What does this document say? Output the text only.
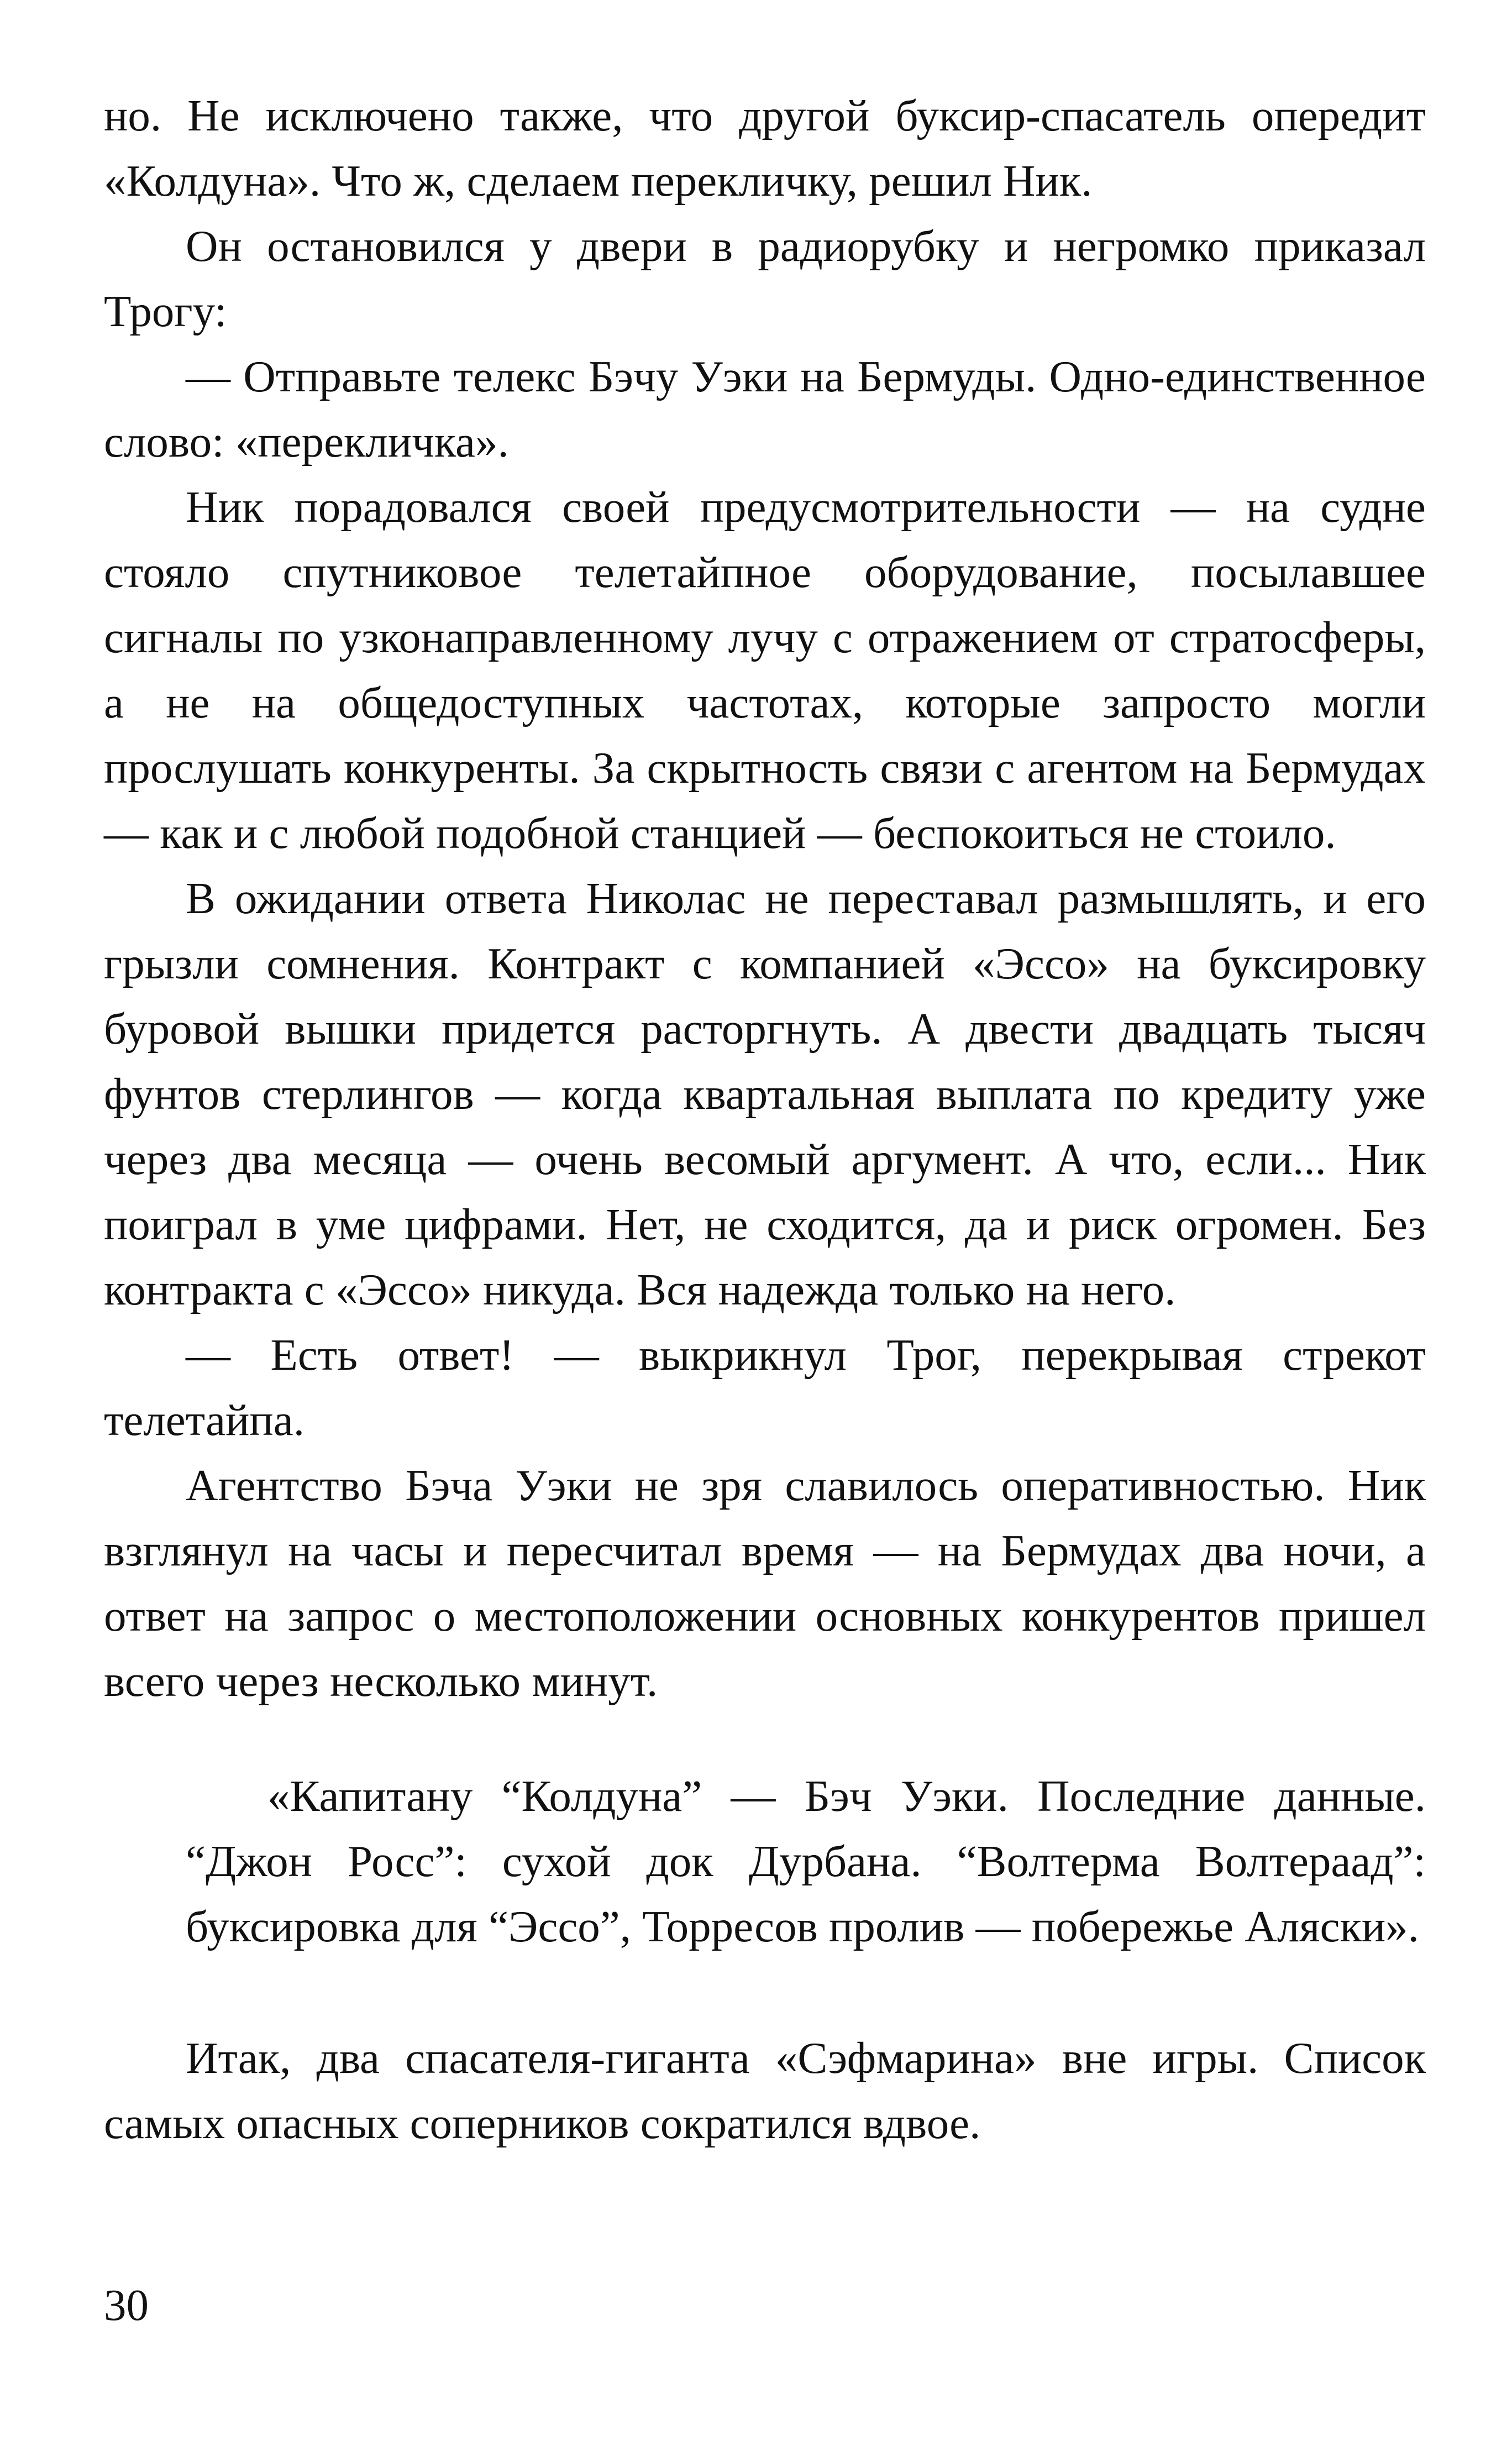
но. Не исключено также, что другой буксир-спасатель опередит «Колдуна». Что ж, сделаем перекличку, решил Ник.

Он остановился у двери в радиорубку и негромко приказал Трогу:

— Отправьте телекс Бэчу Уэки на Бермуды. Одно-единственное слово: «перекличка».

Ник порадовался своей предусмотрительности — на судне стояло спутниковое телетайпное оборудование, посылавшее сигналы по узконаправленному лучу с отражением от стратосферы, а не на общедоступных частотах, которые запросто могли прослушать конкуренты. За скрытность связи с агентом на Бермудах — как и с любой подобной станцией — беспокоиться не стоило.

В ожидании ответа Николас не переставал размышлять, и его грызли сомнения. Контракт с компанией «Эссо» на буксировку буровой вышки придется расторгнуть. А двести двадцать тысяч фунтов стерлингов — когда квартальная выплата по кредиту уже через два месяца — очень весомый аргумент. А что, если... Ник поиграл в уме цифрами. Нет, не сходится, да и риск огромен. Без контракта с «Эссо» никуда. Вся надежда только на него.

— Есть ответ! — выкрикнул Трог, перекрывая стрекот телетайпа.

Агентство Бэча Уэки не зря славилось оперативностью. Ник взглянул на часы и пересчитал время — на Бермудах два ночи, а ответ на запрос о местоположении основных конкурентов пришел всего через несколько минут.

«Капитану “Колдуна” — Бэч Уэки. Последние данные. “Джон Росс”: сухой док Дурбана. “Волтерма Волтераад”: буксировка для “Эссо”, Торресов пролив — побережье Аляски».

Итак, два спасателя-гиганта «Сэфмарина» вне игры. Список самых опасных соперников сократился вдвое.

30
